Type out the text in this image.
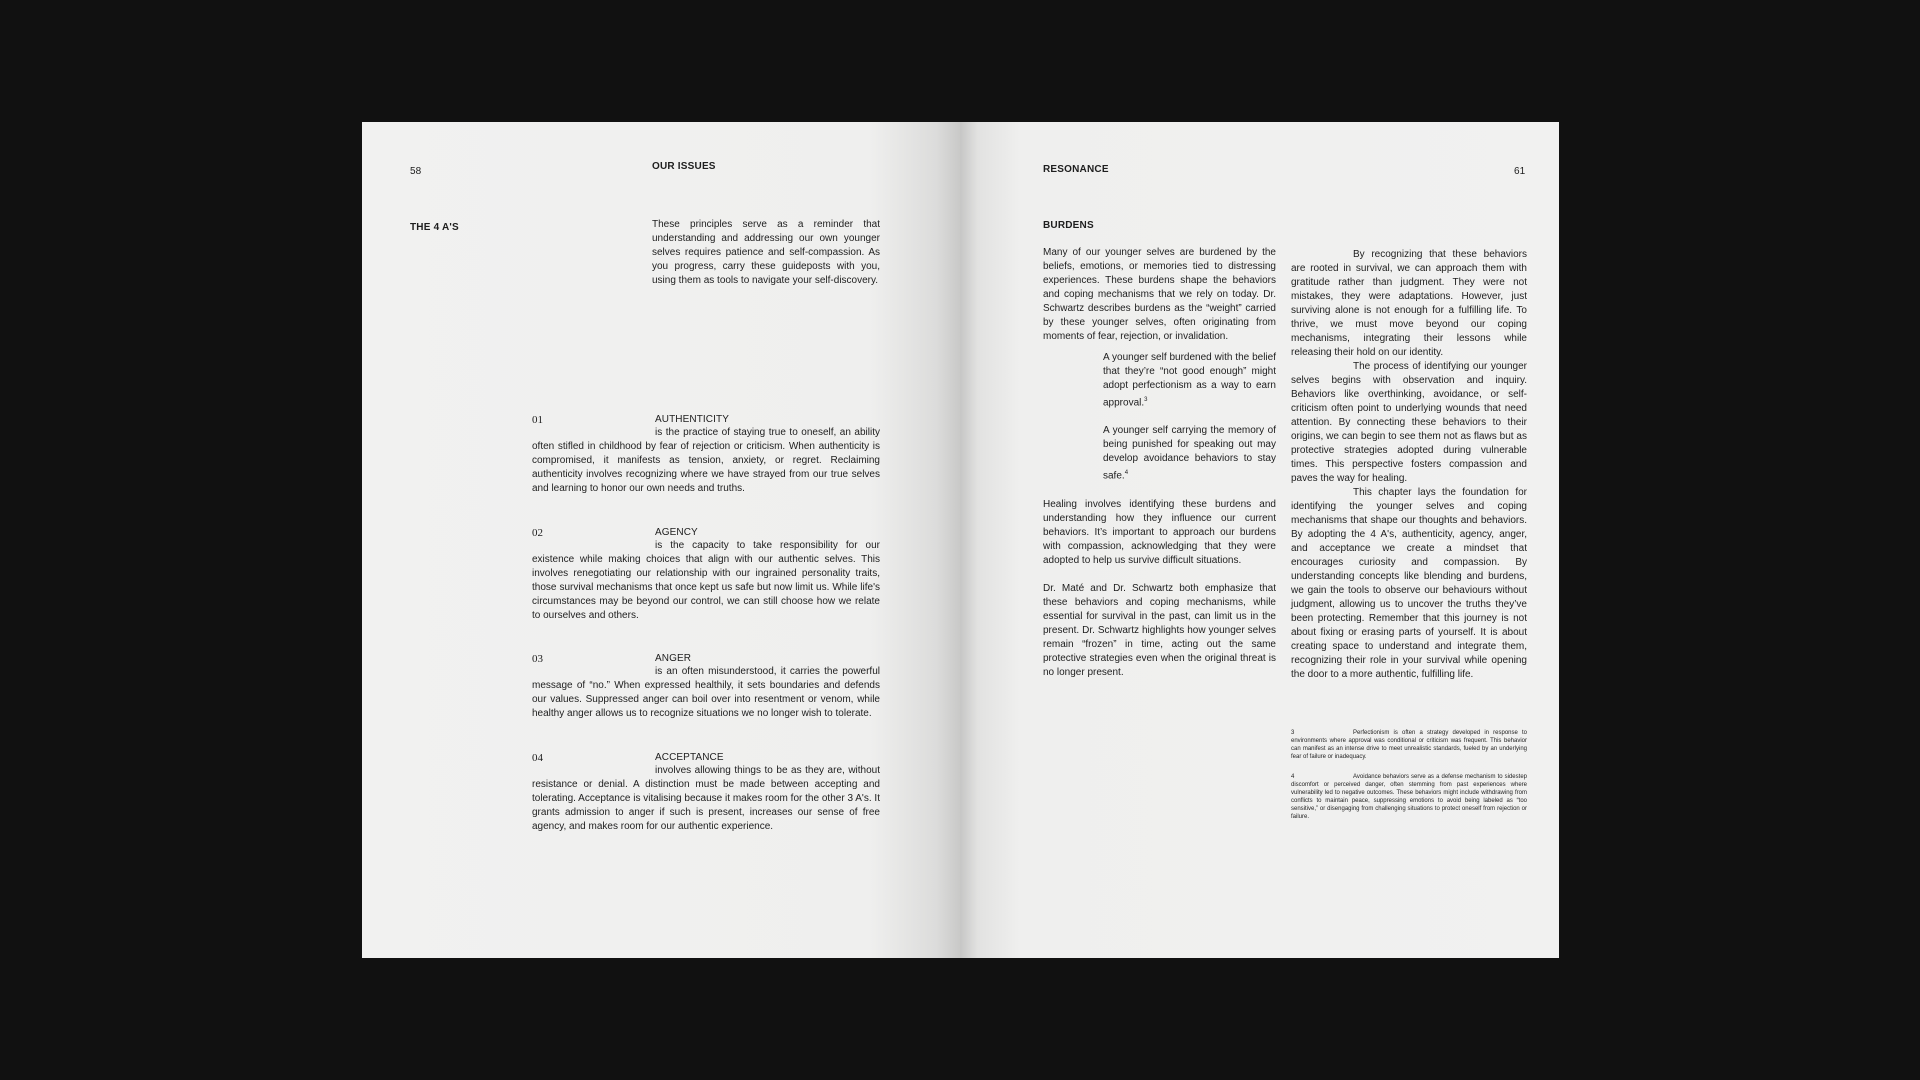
58	OUR ISSUES
THE 4 A'S	These principles serve as a reminder that understanding and addressing our own younger selves requires patience and self-compassion. As you progress, carry these guideposts with you, using them as tools to navigate your self-discovery.
01	AUTHENTICITY
is the practice of staying true to oneself, an ability often stifled in childhood by fear of rejection or criticism. When authenticity is compromised, it manifests as tension, anxiety, or regret. Reclaiming authenticity involves recognizing where we have strayed from our true selves and learning to honor our own needs and truths.
02	AGENCY
is the capacity to take responsibility for our existence while making choices that align with our authentic selves. This involves renegotiating our relationship with our ingrained personality traits, those survival mechanisms that once kept us safe but now limit us. While life's circumstances may be beyond our control, we can still choose how we relate to ourselves and others.
03	ANGER
is an often misunderstood, it carries the powerful message of “no.” When expressed healthily, it sets boundaries and defends our values. Suppressed anger can boil over into resentment or venom, while healthy anger allows us to recognize situations we no longer wish to tolerate.
04	ACCEPTANCE
involves allowing things to be as they are, without resistance or denial. A distinction must be made between accepting and tolerating. Acceptance is vitalising because it makes room for the other 3 A's. It grants admission to anger if such is present, increases our sense of free agency, and makes room for our authentic experience.
RESONANCE	61
BURDENS

Many of our younger selves are burdened by the beliefs, emotions, or memories tied to distressing experiences. These burdens shape the behaviors and coping mechanisms that we rely on today. Dr. Schwartz describes burdens as the “weight” carried by these younger selves, often originating from moments of fear, rejection, or invalidation.

A younger self burdened with the belief that they’re “not good enough” might adopt perfectionism as a way to earn approval.$^3$

A younger self carrying the memory of being punished for speaking out may develop avoidance behaviors to stay safe.$^4$

Healing involves identifying these burdens and understanding how they influence our current behaviors. It’s important to approach our burdens with compassion, acknowledging that they were adopted to help us survive difficult situations.

Dr. Maté and Dr. Schwartz both emphasize that these behaviors and coping mechanisms, while essential for survival in the past, can limit us in the present. Dr. Schwartz highlights how younger selves remain “frozen” in time, acting out the same protective strategies even when the original threat is no longer present.

By recognizing that these behaviors are rooted in survival, we can approach them with gratitude rather than judgment. They were not mistakes, they were adaptations. However, just surviving alone is not enough for a fulfilling life. To thrive, we must move beyond our coping mechanisms, integrating their lessons while releasing their hold on our identity.

The process of identifying our younger selves begins with observation and inquiry. Behaviors like overthinking, avoidance, or self-criticism often point to underlying wounds that need attention. By connecting these behaviors to their origins, we can begin to see them not as flaws but as protective strategies adopted during vulnerable times. This perspective fosters compassion and paves the way for healing.

This chapter lays the foundation for identifying the younger selves and coping mechanisms that shape our thoughts and behaviors. By adopting the 4 A's, authenticity, agency, anger, and acceptance we create a mindset that encourages curiosity and compassion. By understanding concepts like blending and burdens, we gain the tools to observe our behaviours without judgment, allowing us to uncover the truths they’ve been protecting. Remember that this journey is not about fixing or erasing parts of yourself. It is about creating space to understand and integrate them, recognizing their role in your survival while opening the door to a more authentic, fulfilling life.

3	Perfectionism is often a strategy developed in response to environments where approval was conditional or criticism was frequent. This behavior can manifest as an intense drive to meet unrealistic standards, fueled by an underlying fear of failure or inadequacy.
4	Avoidance behaviors serve as a defense mechanism to sidestep discomfort or perceived danger, often stemming from past experiences where vulnerability led to negative outcomes. These behaviors might include withdrawing from conflicts to maintain peace, suppressing emotions to avoid being labeled as “too sensitive,” or disengaging from challenging situations to protect oneself from rejection or failure.
